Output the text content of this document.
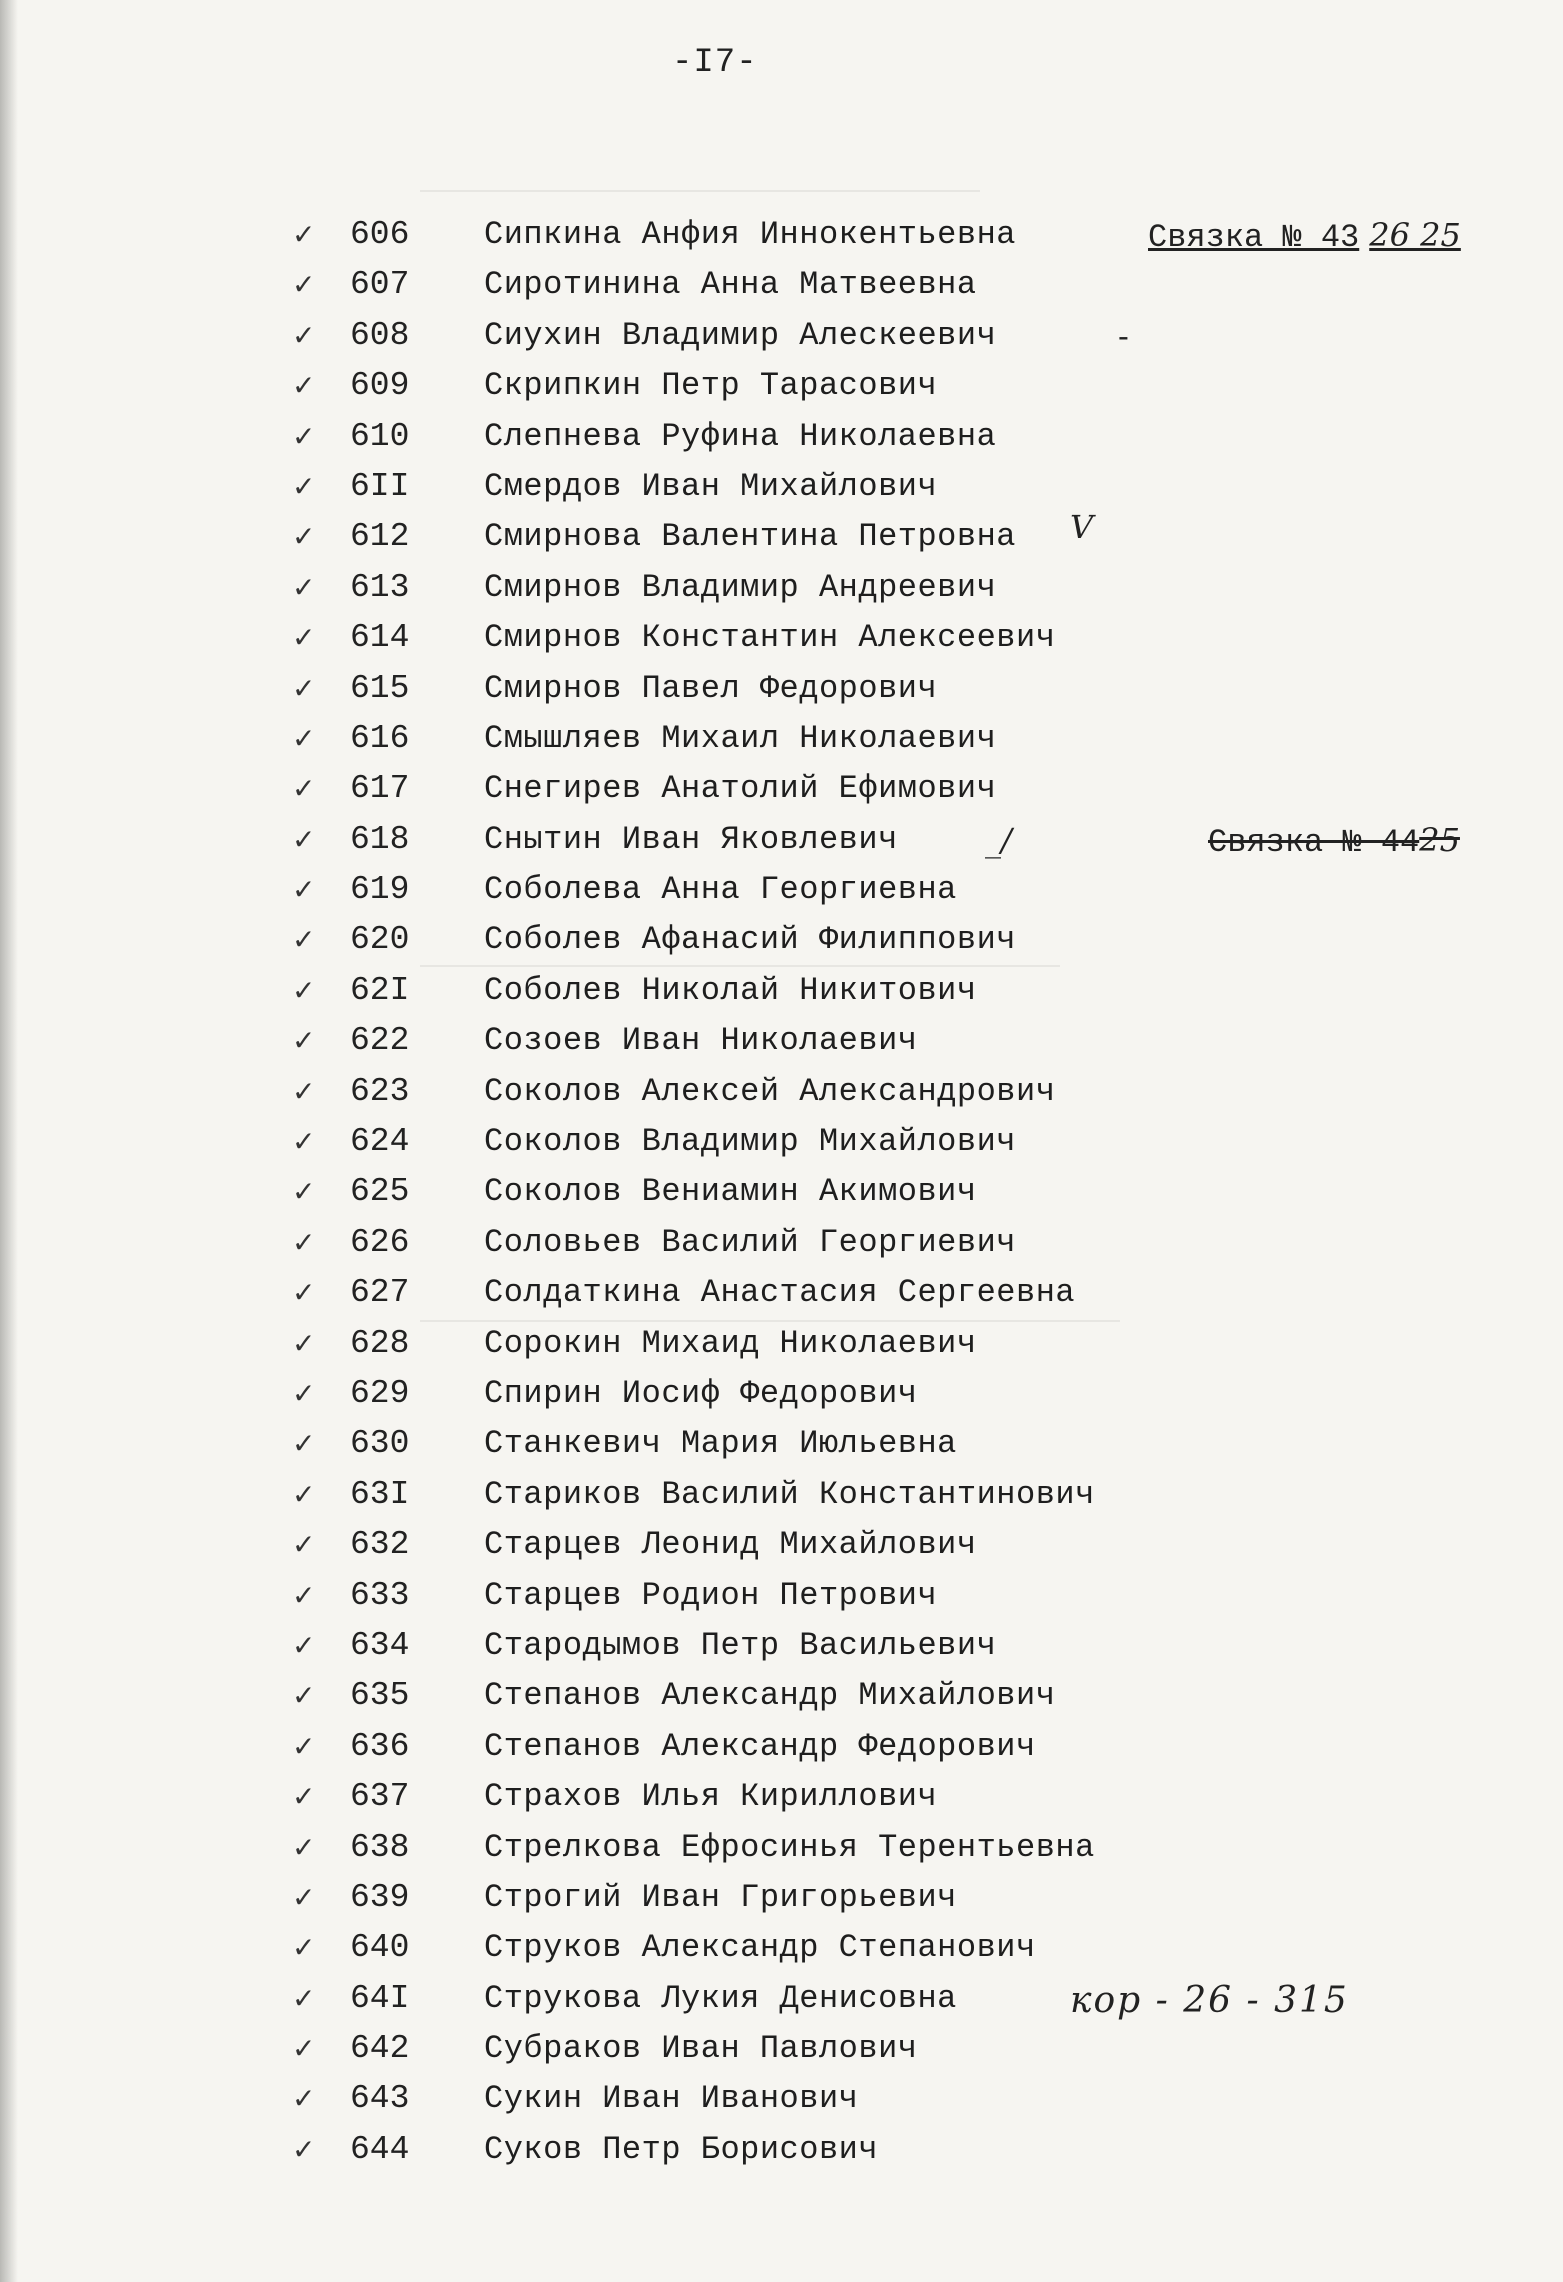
-I7-
✓ 606 Сипкина Анфия Иннокентьевна	Связка № 43 26 25
✓ 607 Сиротинина Анна Матвеевна
✓ 608 Сиухин Владимир Алескеевич	-
✓ 609 Скрипкин Петр Тарасович
✓ 610 Слепнева Руфина Николаевна
✓ 6II Смердов Иван Михайлович
✓ 612 Смирнова Валентина Петровна V
✓ 613 Смирнов Владимир Андреевич
✓ 614 Смирнов Константин Алексеевич
✓ 615 Смирнов Павел Федорович
✓ 616 Смышляев Михаил Николаевич
✓ 617 Снегирев Анатолий Ефимович
✓ 618 Снытин Иван Яковлевич	_/	Связка № 4425
✓ 619 Соболева Анна Георгиевна
✓ 620 Соболев Афанасий Филиппович
✓ 62I Соболев Николай Никитович
✓ 622 Созоев Иван Николаевич
✓ 623 Соколов Алексей Александрович
✓ 624 Соколов Владимир Михайлович
✓ 625 Соколов Вениамин Акимович
✓ 626 Соловьев Василий Георгиевич
✓ 627 Солдаткина Анастасия Сергеевна
✓ 628 Сорокин Михаид Николаевич
✓ 629 Спирин Иосиф Федорович
✓ 630 Станкевич Мария Июльевна
✓ 63I Стариков Василий Константинович
✓ 632 Старцев Леонид Михайлович
✓ 633 Старцев Родион Петрович
✓ 634 Стародымов Петр Васильевич
✓ 635 Степанов Александр Михайлович
✓ 636 Степанов Александр Федорович
✓ 637 Страхов Илья Кириллович
✓ 638 Стрелкова Ефросинья Терентьевна
✓ 639 Строгий Иван Григорьевич
✓ 640 Струков Александр Степанович
✓ 64I Струкова Лукия Денисовна	кор - 26 - 315
✓ 642 Субраков Иван Павлович
✓ 643 Сукин Иван Иванович
✓ 644 Суков Петр Борисович
